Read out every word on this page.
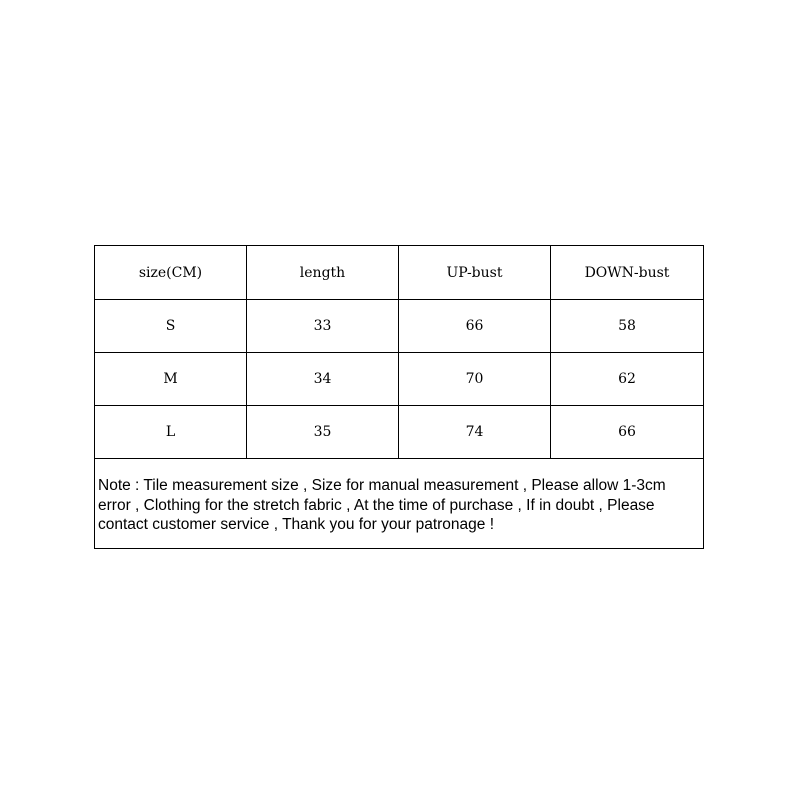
size(CM)	length	UP-bust	DOWN-bust
S	33	66	58
M	34	70	62
L	35	74	66
Note : Tile measurement size , Size for manual measurement , Please allow 1-3cm error , Clothing for the stretch fabric , At the time of purchase , If in doubt , Please contact customer service , Thank you for your patronage !			
